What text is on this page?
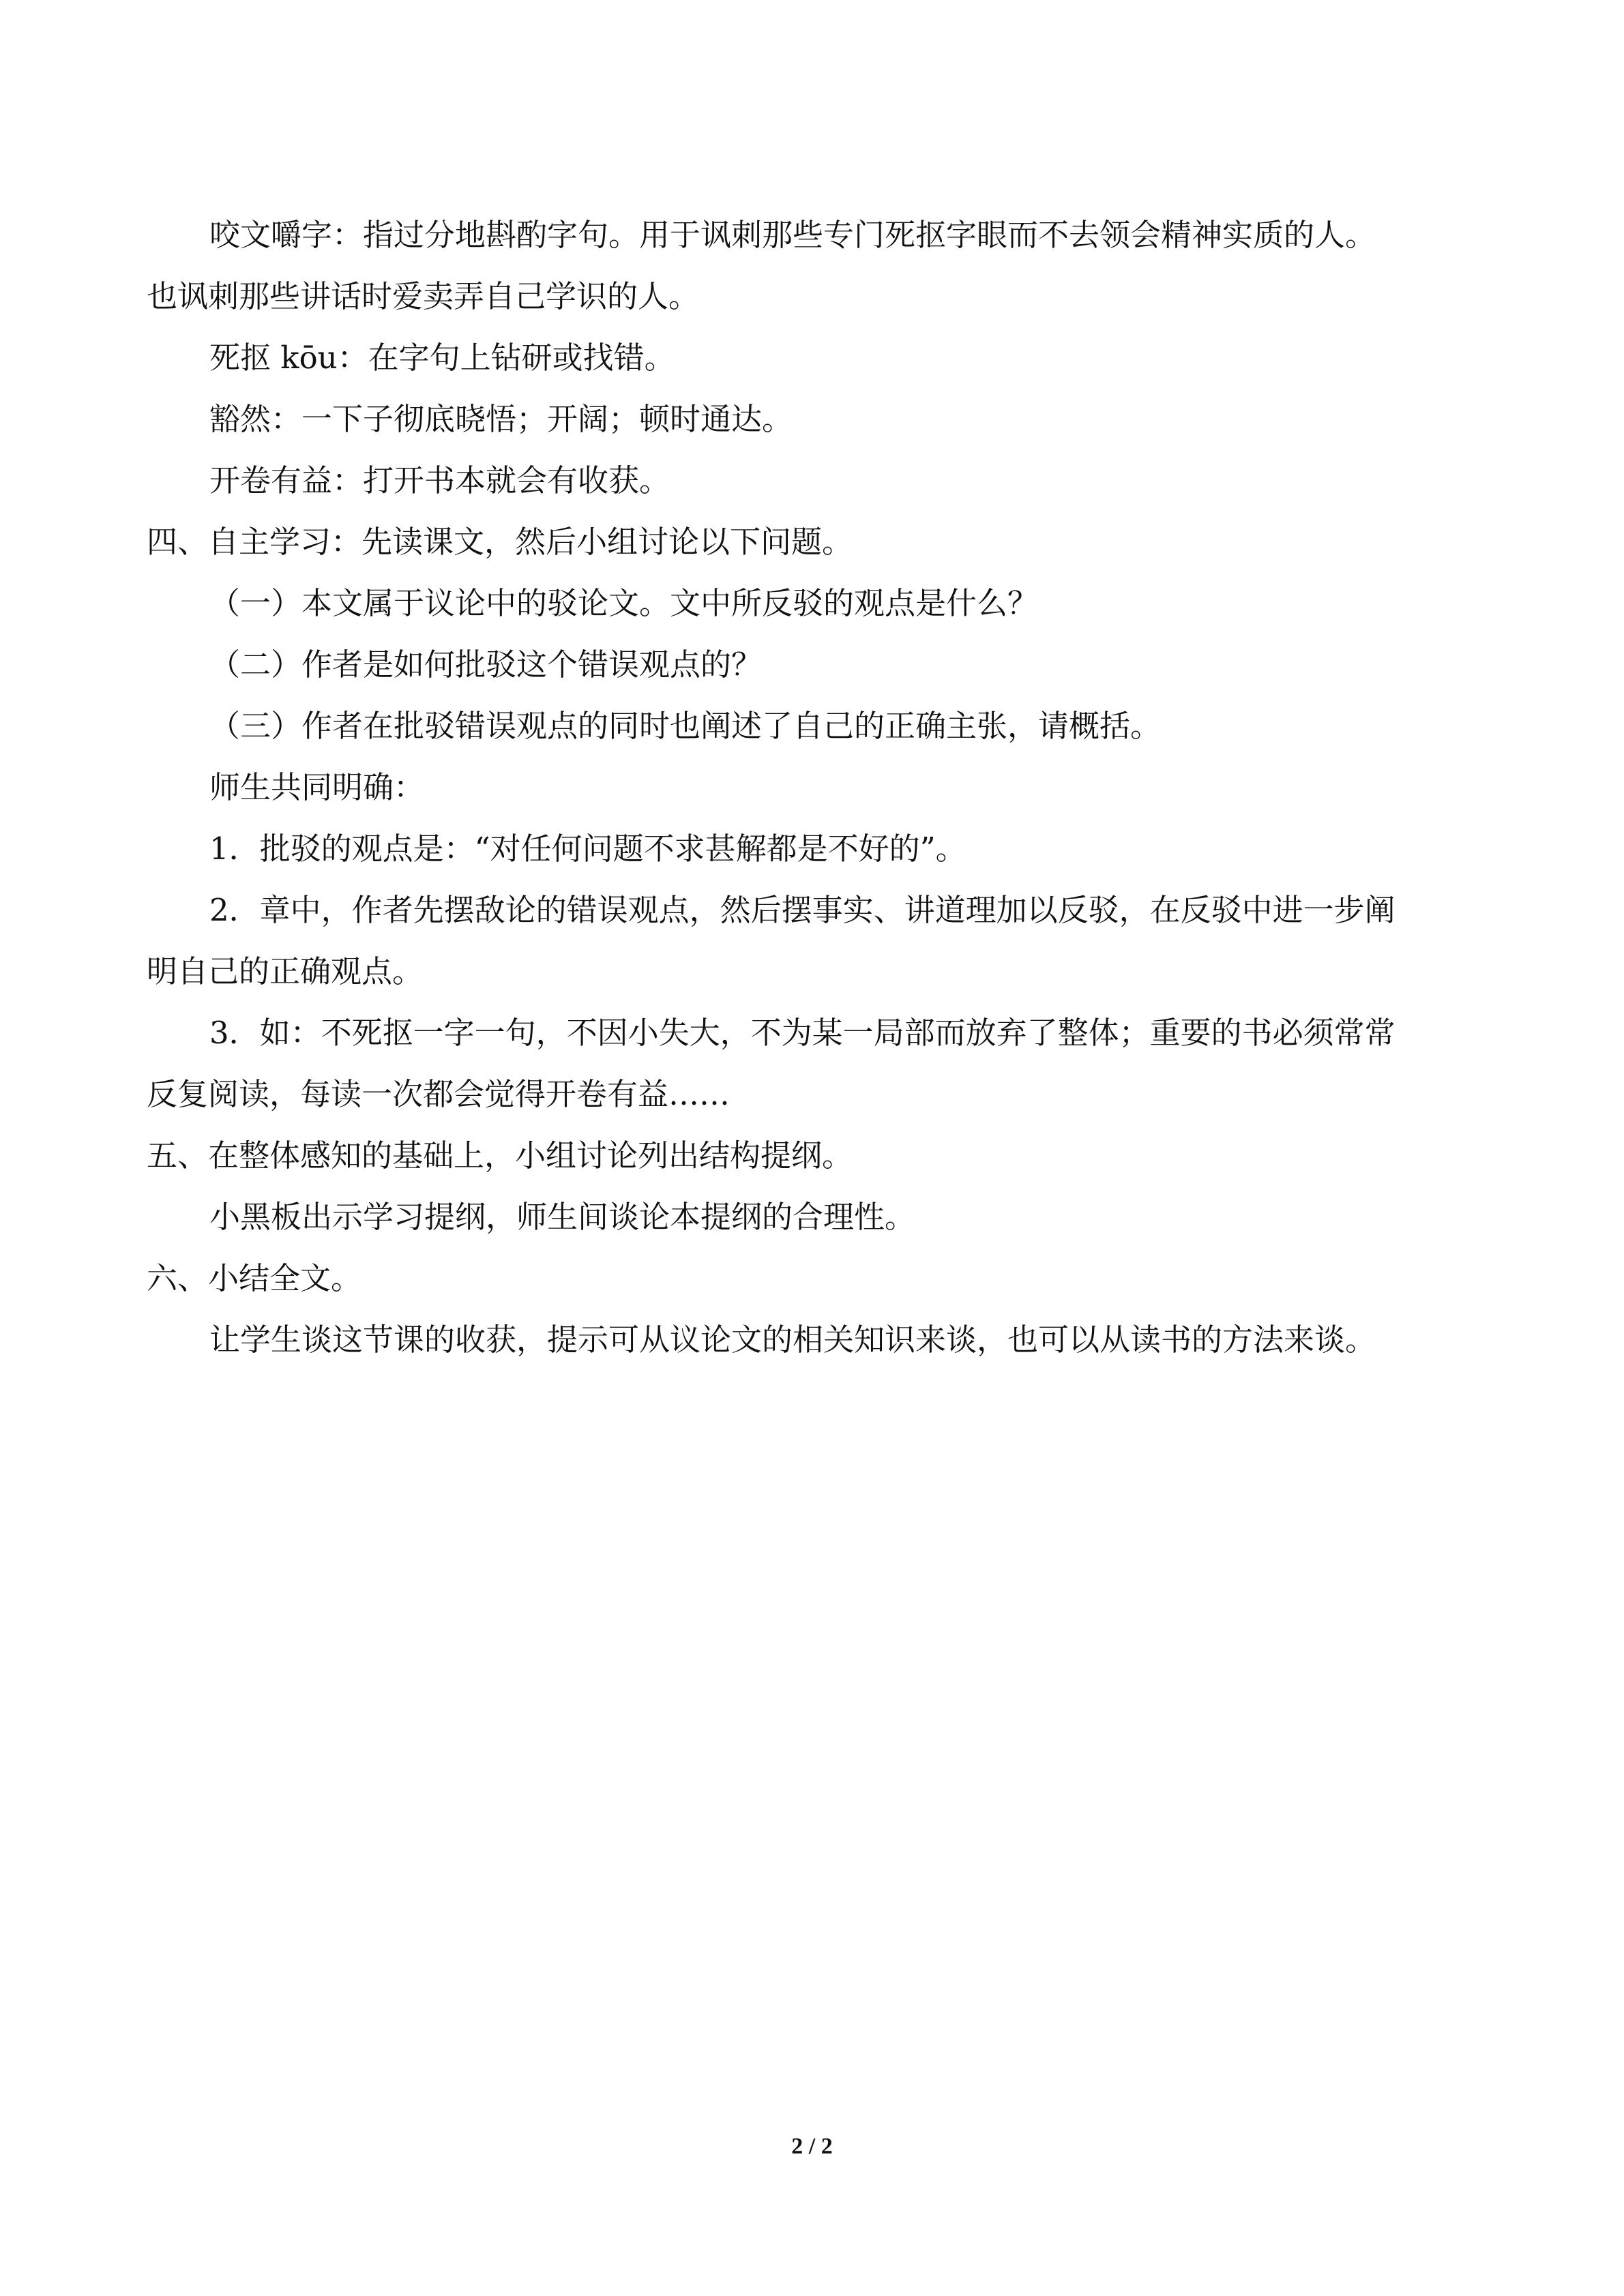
咬文嚼字：指过分地斟酌字句。用于讽刺那些专门死抠字眼而不去领会精神实质的人。

也讽刺那些讲话时爱卖弄自己学识的人。

死抠 kōu：在字句上钻研或找错。

豁然：一下子彻底晓悟；开阔；顿时通达。

开卷有益：打开书本就会有收获。

四、自主学习：先读课文，然后小组讨论以下问题。

（一）本文属于议论中的驳论文。文中所反驳的观点是什么？

（二）作者是如何批驳这个错误观点的？

（三）作者在批驳错误观点的同时也阐述了自己的正确主张，请概括。

师生共同明确：

1．批驳的观点是：“对任何问题不求甚解都是不好的”。

2．章中，作者先摆敌论的错误观点，然后摆事实、讲道理加以反驳，在反驳中进一步阐

明自己的正确观点。

3．如：不死抠一字一句，不因小失大，不为某一局部而放弃了整体；重要的书必须常常

反复阅读，每读一次都会觉得开卷有益……

五、在整体感知的基础上，小组讨论列出结构提纲。

小黑板出示学习提纲，师生间谈论本提纲的合理性。

六、小结全文。

让学生谈这节课的收获，提示可从议论文的相关知识来谈，也可以从读书的方法来谈。

2 / 2
